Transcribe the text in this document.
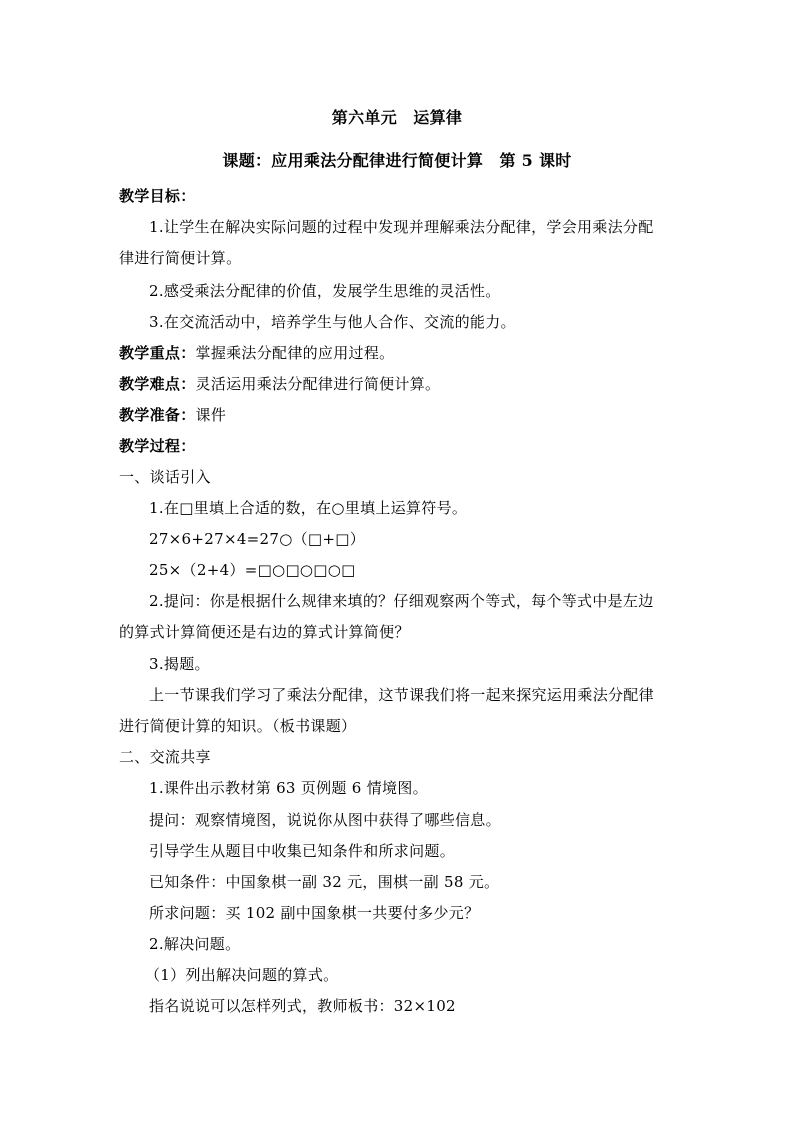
第六单元　运算律
课题：应用乘法分配律进行简便计算　第 5 课时
教学目标：
1.让学生在解决实际问题的过程中发现并理解乘法分配律，学会用乘法分配
律进行简便计算。
2.感受乘法分配律的价值，发展学生思维的灵活性。
3.在交流活动中，培养学生与他人合作、交流的能力。
教学重点：掌握乘法分配律的应用过程。
教学难点：灵活运用乘法分配律进行简便计算。
教学准备：课件
教学过程：
一、谈话引入
1.在□里填上合适的数，在○里填上运算符号。
27×6+27×4=27○（□+□）
25×（2+4）=□○□○□○□
2.提问：你是根据什么规律来填的？仔细观察两个等式，每个等式中是左边
的算式计算简便还是右边的算式计算简便？
3.揭题。
上一节课我们学习了乘法分配律，这节课我们将一起来探究运用乘法分配律
进行简便计算的知识。（板书课题）
二、交流共享
1.课件出示教材第 63 页例题 6 情境图。
提问：观察情境图，说说你从图中获得了哪些信息。
引导学生从题目中收集已知条件和所求问题。
已知条件：中国象棋一副 32 元，围棋一副 58 元。
所求问题：买 102 副中国象棋一共要付多少元？
2.解决问题。
（1）列出解决问题的算式。
指名说说可以怎样列式，教师板书：32×102
